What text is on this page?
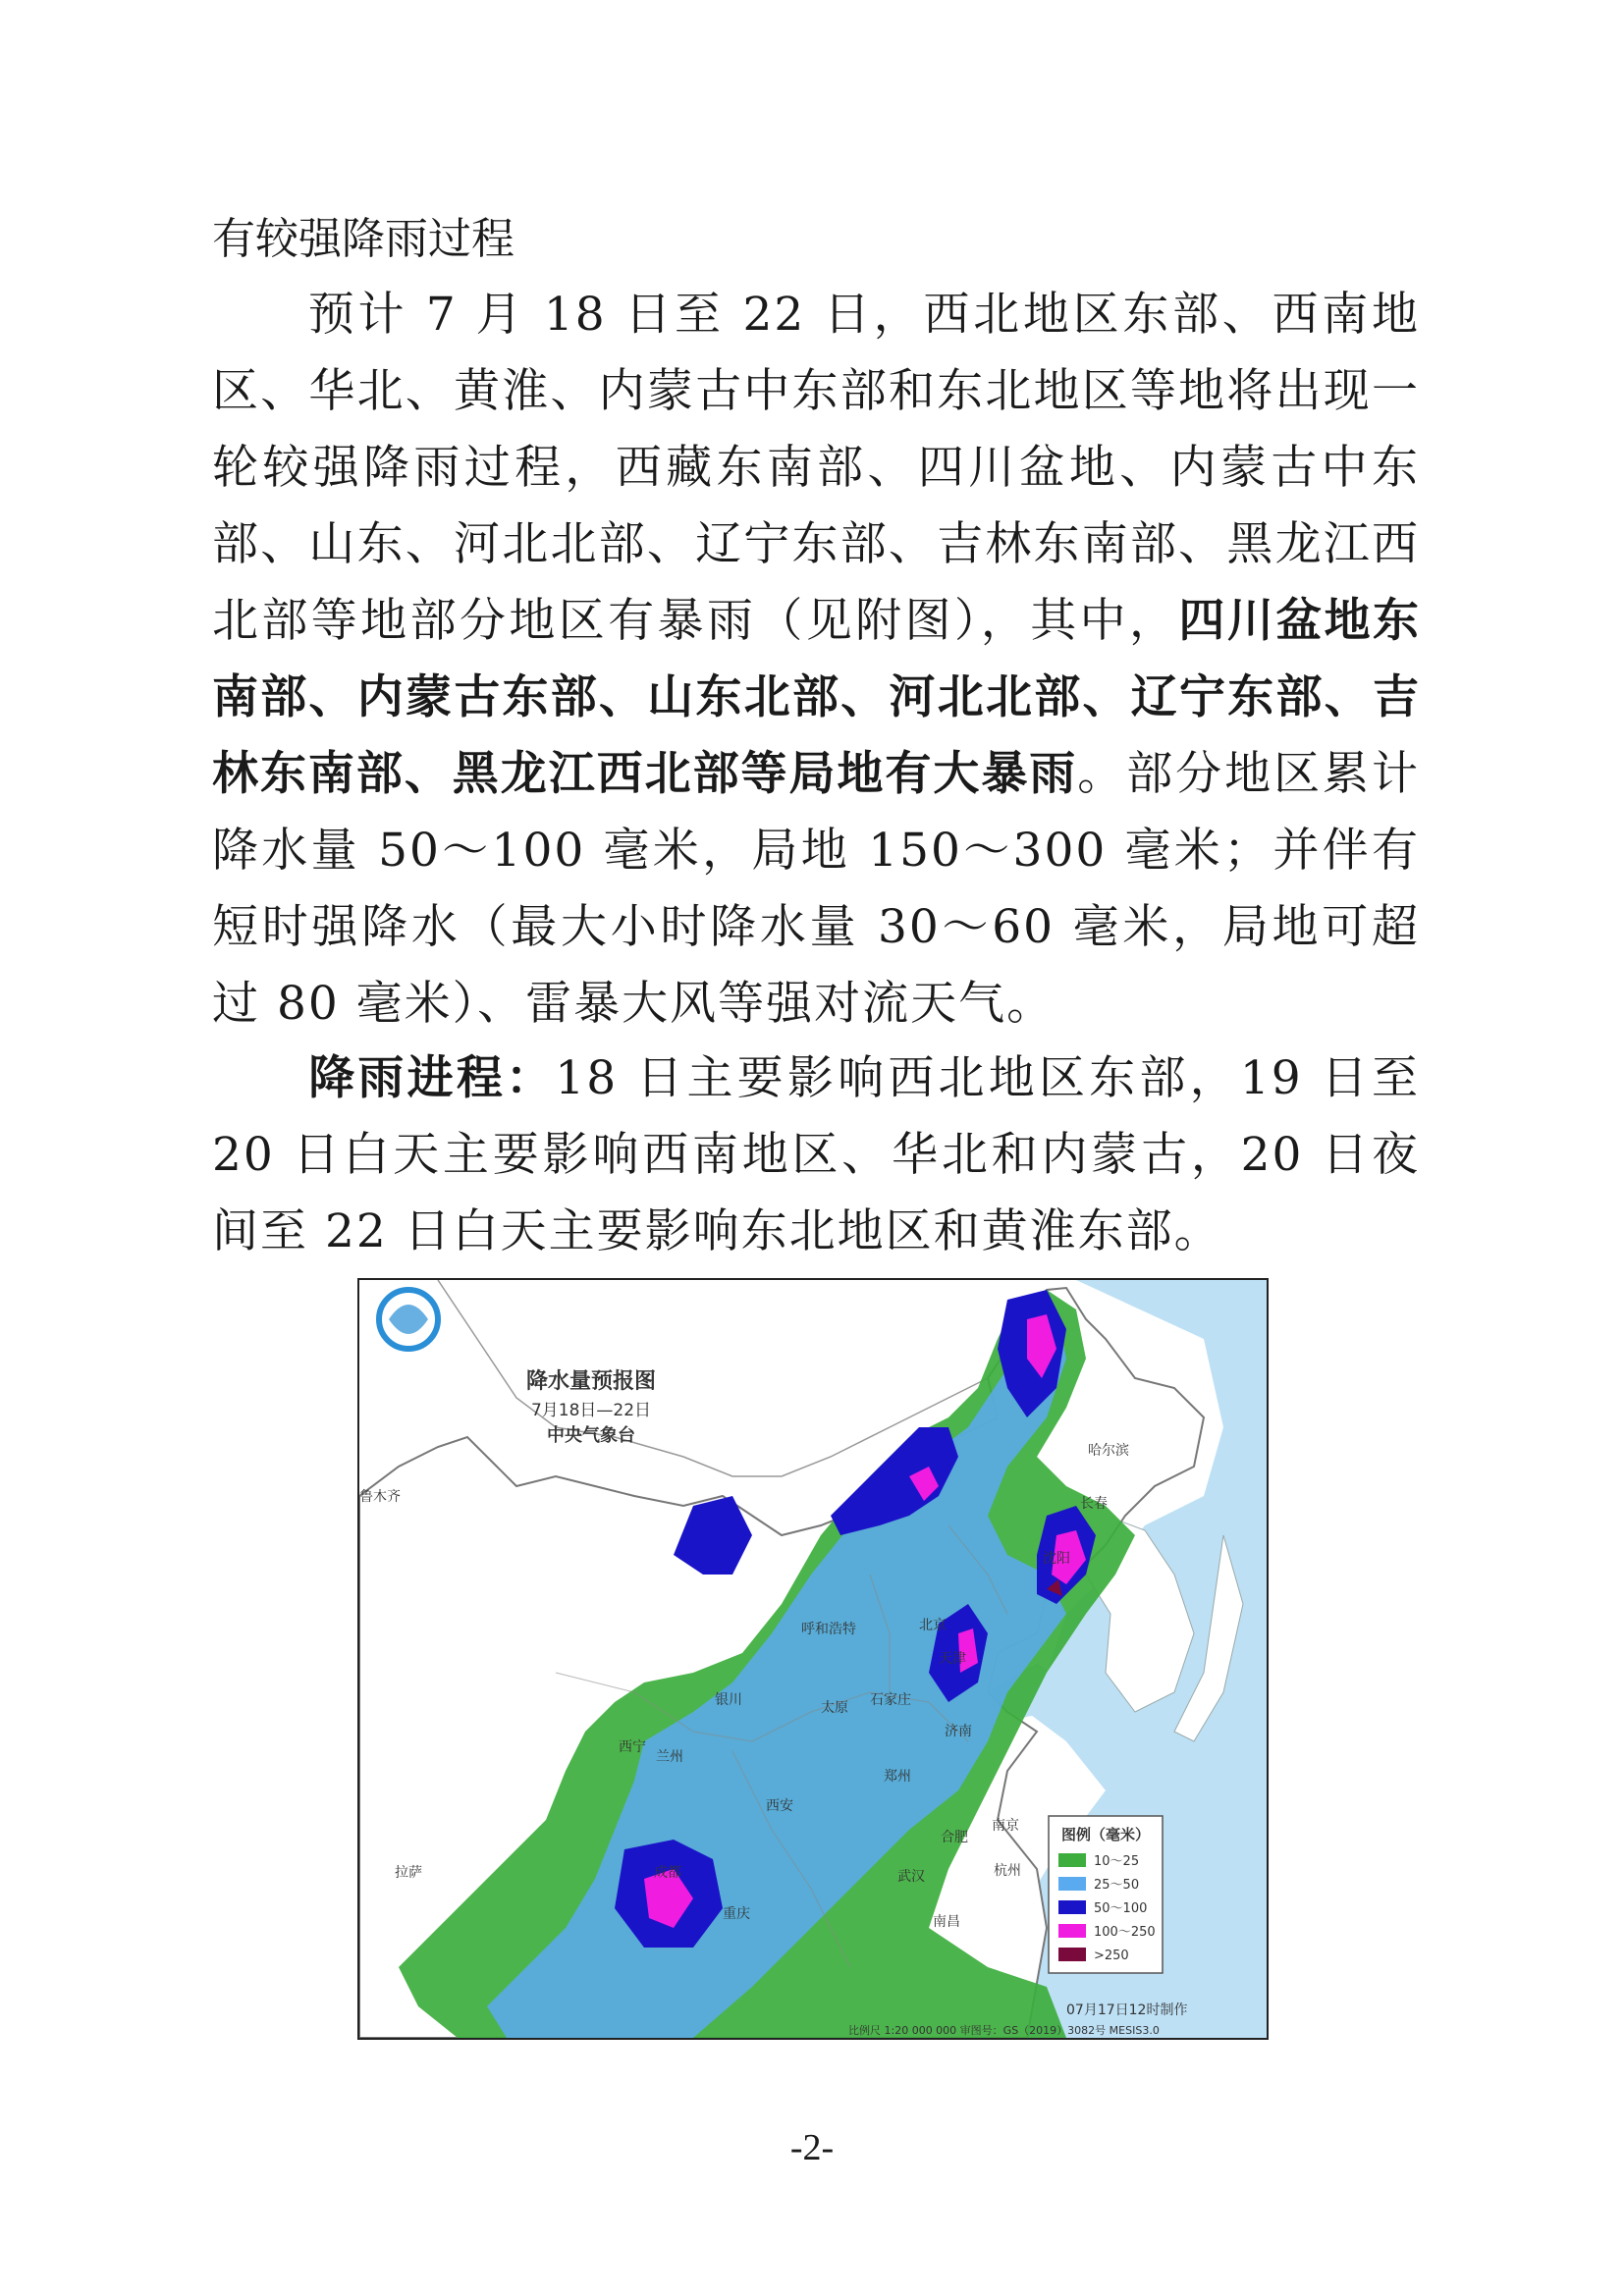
有较强降雨过程

预计 7 月 18 日至 22 日，西北地区东部、西南地区、华北、黄淮、内蒙古中东部和东北地区等地将出现一轮较强降雨过程，西藏东南部、四川盆地、内蒙古中东部、山东、河北北部、辽宁东部、吉林东南部、黑龙江西北部等地部分地区有暴雨（见附图），其中，四川盆地东南部、内蒙古东部、山东北部、河北北部、辽宁东部、吉林东南部、黑龙江西北部等局地有大暴雨。部分地区累计降水量 50～100 毫米，局地 150～300 毫米；并伴有短时强降水（最大小时降水量 30～60 毫米，局地可超过 80 毫米）、雷暴大风等强对流天气。

降雨进程：18 日主要影响西北地区东部，19 日至 20 日白天主要影响西南地区、华北和内蒙古，20 日夜间至 22 日白天主要影响东北地区和黄淮东部。

降水量预报图
7月18日—22日
中央气象台
哈尔滨
长春
沈阳
鲁木齐
北京
天津
呼和浩特
银川	太原 石家庄
济南
西宁
兰州
西安
郑州
南京
合肥
成都
重庆
武汉	杭州
南昌
拉萨
图例（毫米）
10～25
25～50
50～100
100～250
>250
07月17日12时制作
比例尺 1:20 000 000 审图号：GS（2019）3082号 MESIS3.0
-2-
